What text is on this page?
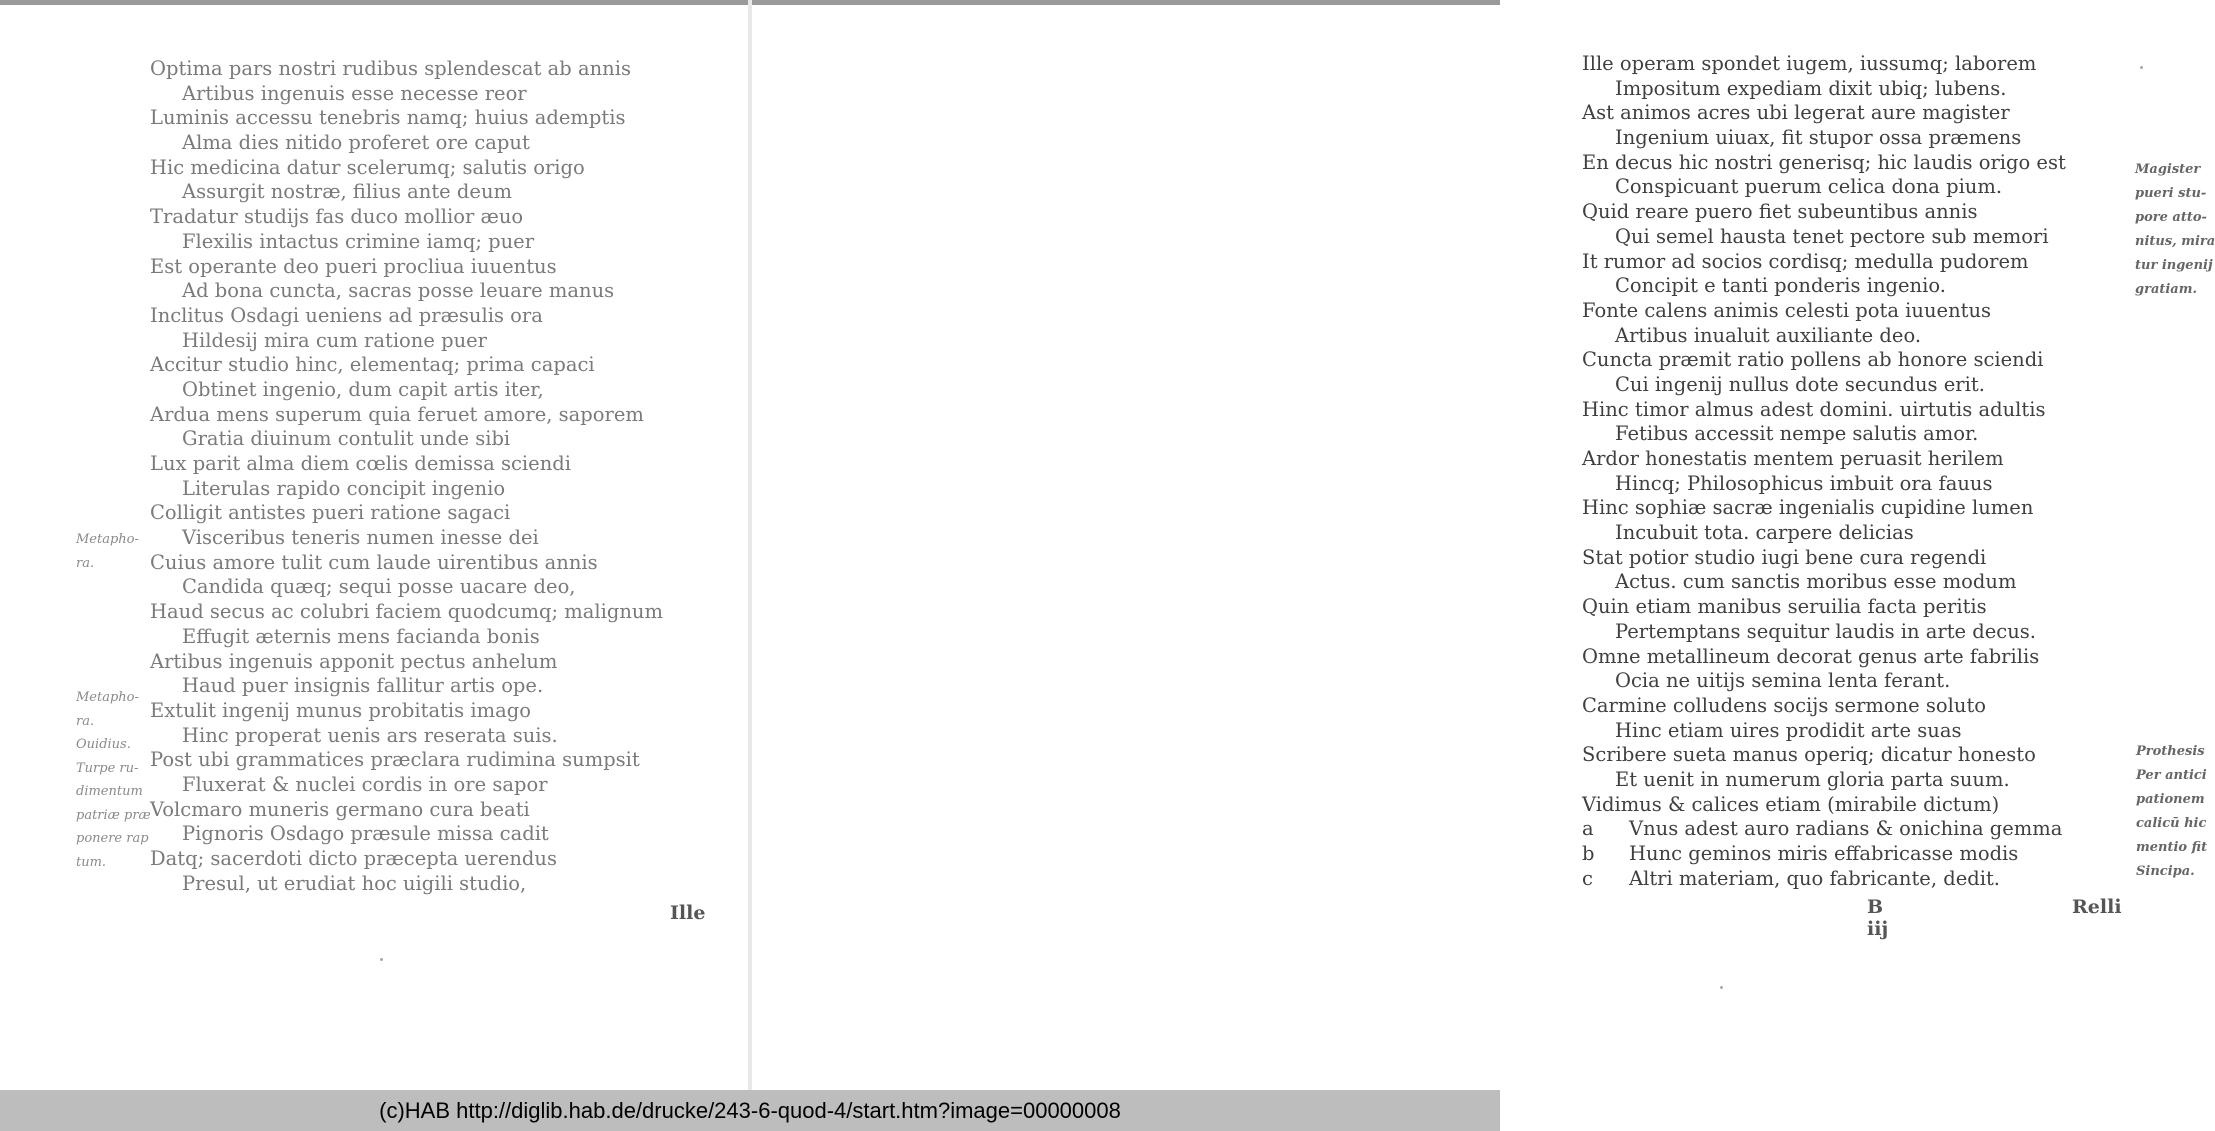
Optima pars nostri rudibus splendescat ab annis
Artibus ingenuis esse necesse reor
Luminis accessu tenebris namq; huius ademptis
Alma dies nitido proferet ore caput
Hic medicina datur scelerumq; salutis origo
Assurgit nostræ, filius ante deum
Tradatur studijs fas duco mollior æuo
Flexilis intactus crimine iamq; puer
Est operante deo pueri procliua iuuentus
Ad bona cuncta, sacras posse leuare manus
Inclitus Osdagi ueniens ad præsulis ora
Hildesij mira cum ratione puer
Accitur studio hinc, elementaq; prima capaci
Obtinet ingenio, dum capit artis iter,
Ardua mens superum quia feruet amore, saporem
Gratia diuinum contulit unde sibi
Lux parit alma diem cœlis demissa sciendi
Literulas rapido concipit ingenio
Colligit antistes pueri ratione sagaci
Visceribus teneris numen inesse dei
Cuius amore tulit cum laude uirentibus annis
Candida quæq; sequi posse uacare deo,
Haud secus ac colubri faciem quodcumq; malignum
Effugit æternis mens facianda bonis
Artibus ingenuis apponit pectus anhelum
Haud puer insignis fallitur artis ope.
Extulit ingenij munus probitatis imago
Hinc properat uenis ars reserata suis.
Post ubi grammatices præclara rudimina sumpsit
Fluxerat & nuclei cordis in ore sapor
Volcmaro muneris germano cura beati
Pignoris Osdago præsule missa cadit
Datq; sacerdoti dicto præcepta uerendus
Presul, ut erudiat hoc uigili studio,
Metapho-
ra.
Metapho-
ra.
Ouidius.
Turpe ru-
dimentum
patriæ præ
ponere rap
tum.
Ille
Ille operam spondet iugem, iussumq; laborem
Impositum expediam dixit ubiq; lubens.
Ast animos acres ubi legerat aure magister
Ingenium uiuax, fit stupor ossa præmens
En decus hic nostri generisq; hic laudis origo est
Conspicuant puerum celica dona pium.
Quid reare puero fiet subeuntibus annis
Qui semel hausta tenet pectore sub memori
It rumor ad socios cordisq; medulla pudorem
Concipit e tanti ponderis ingenio.
Fonte calens animis celesti pota iuuentus
Artibus inualuit auxiliante deo.
Cuncta præmit ratio pollens ab honore sciendi
Cui ingenij nullus dote secundus erit.
Hinc timor almus adest domini. uirtutis adultis
Fetibus accessit nempe salutis amor.
Ardor honestatis mentem peruasit herilem
Hincq; Philosophicus imbuit ora fauus
Hinc sophiæ sacræ ingenialis cupidine lumen
Incubuit tota. carpere delicias
Stat potior studio iugi bene cura regendi
Actus. cum sanctis moribus esse modum
Quin etiam manibus seruilia facta peritis
Pertemptans sequitur laudis in arte decus.
Omne metallineum decorat genus arte fabrilis
Ocia ne uitijs semina lenta ferant.
Carmine colludens socijs sermone soluto
Hinc etiam uires prodidit arte suas
Scribere sueta manus operiq; dicatur honesto
Et uenit in numerum gloria parta suum.
Vidimus & calices etiam (mirabile dictum)
a Vnus adest auro radians & onichina gemma
b Hunc geminos miris effabricasse modis
c Altri materiam, quo fabricante, dedit.
Magister
pueri stu-
pore atto-
nitus, mira
tur ingenij
gratiam.
Prothesis
Per antici
pationem
calicū hic
mentio fit
Sincipa.
B iij
Relli
(c)HAB http://diglib.hab.de/drucke/243-6-quod-4/start.htm?image=00000008
